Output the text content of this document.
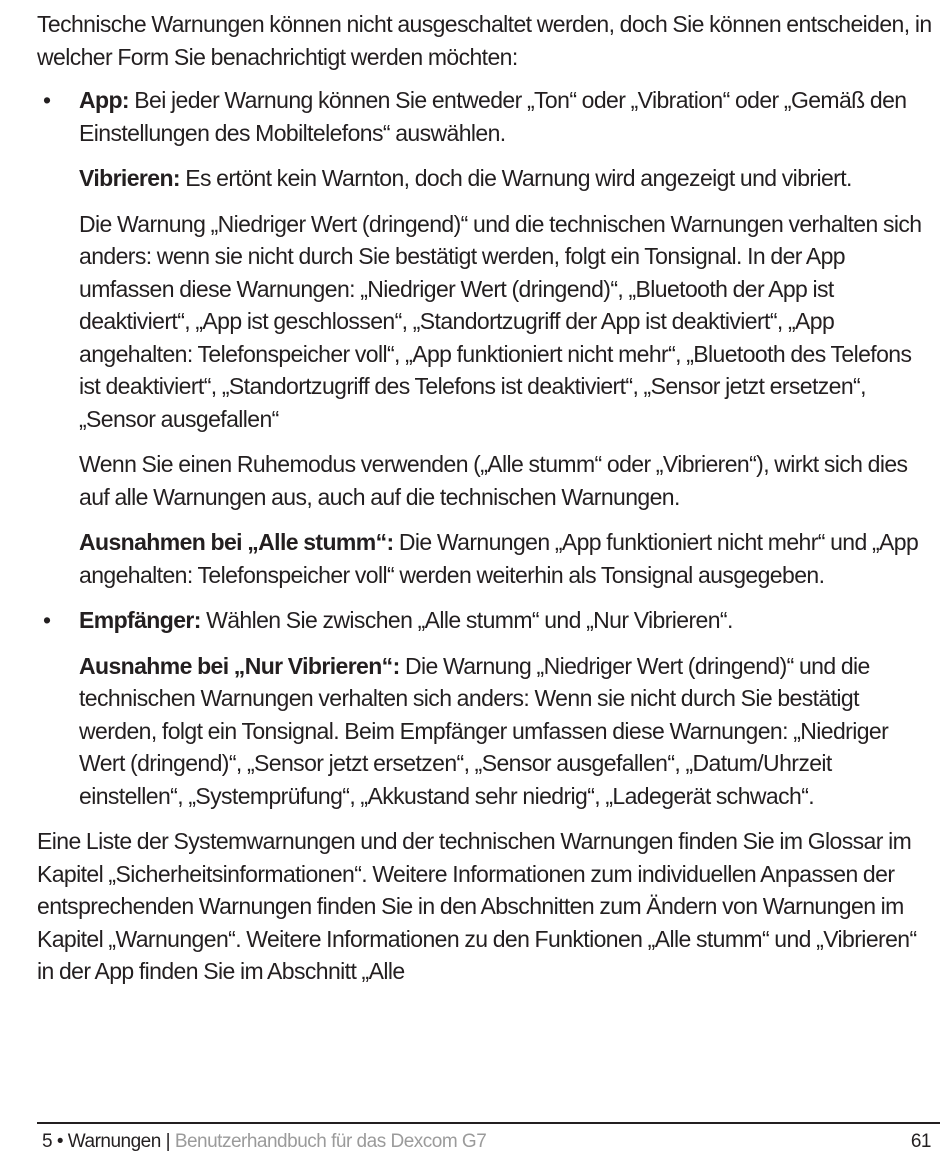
Technische Warnungen können nicht ausgeschaltet werden, doch Sie können entscheiden, in welcher Form Sie benachrichtigt werden möchten:

• App: Bei jeder Warnung können Sie entweder „Ton“ oder „Vibration“ oder „Gemäß den Einstellungen des Mobiltelefons“ auswählen.

Vibrieren: Es ertönt kein Warnton, doch die Warnung wird angezeigt und vibriert.

Die Warnung „Niedriger Wert (dringend)“ und die technischen Warnungen verhalten sich anders: wenn sie nicht durch Sie bestätigt werden, folgt ein Tonsignal. In der App umfassen diese Warnungen: „Niedriger Wert (dringend)“, „Bluetooth der App ist deaktiviert“, „App ist geschlossen“, „Standortzugriff der App ist deaktiviert“, „App angehalten: Telefonspeicher voll“, „App funktioniert nicht mehr“, „Bluetooth des Telefons ist deaktiviert“, „Standortzugriff des Telefons ist deaktiviert“, „Sensor jetzt ersetzen“, „Sensor ausgefallen“

Wenn Sie einen Ruhemodus verwenden („Alle stumm“ oder „Vibrieren“), wirkt sich dies auf alle Warnungen aus, auch auf die technischen Warnungen.

Ausnahmen bei „Alle stumm“: Die Warnungen „App funktioniert nicht mehr“ und „App angehalten: Telefonspeicher voll“ werden weiterhin als Tonsignal ausgegeben.

• Empfänger: Wählen Sie zwischen „Alle stumm“ und „Nur Vibrieren“.

Ausnahme bei „Nur Vibrieren“: Die Warnung „Niedriger Wert (dringend)“ und die technischen Warnungen verhalten sich anders: Wenn sie nicht durch Sie bestätigt werden, folgt ein Tonsignal. Beim Empfänger umfassen diese Warnungen: „Niedriger Wert (dringend)“, „Sensor jetzt ersetzen“, „Sensor ausgefallen“, „Datum/Uhrzeit einstellen“, „Systemprüfung“, „Akkustand sehr niedrig“, „Ladegerät schwach“.

Eine Liste der Systemwarnungen und der technischen Warnungen finden Sie im Glossar im Kapitel „Sicherheitsinformationen“. Weitere Informationen zum individuellen Anpassen der entsprechenden Warnungen finden Sie in den Abschnitten zum Ändern von Warnungen im Kapitel „Warnungen“. Weitere Informationen zu den Funktionen „Alle stumm“ und „Vibrieren“ in der App finden Sie im Abschnitt „Alle

5 • Warnungen | Benutzerhandbuch für das Dexcom G7	61
